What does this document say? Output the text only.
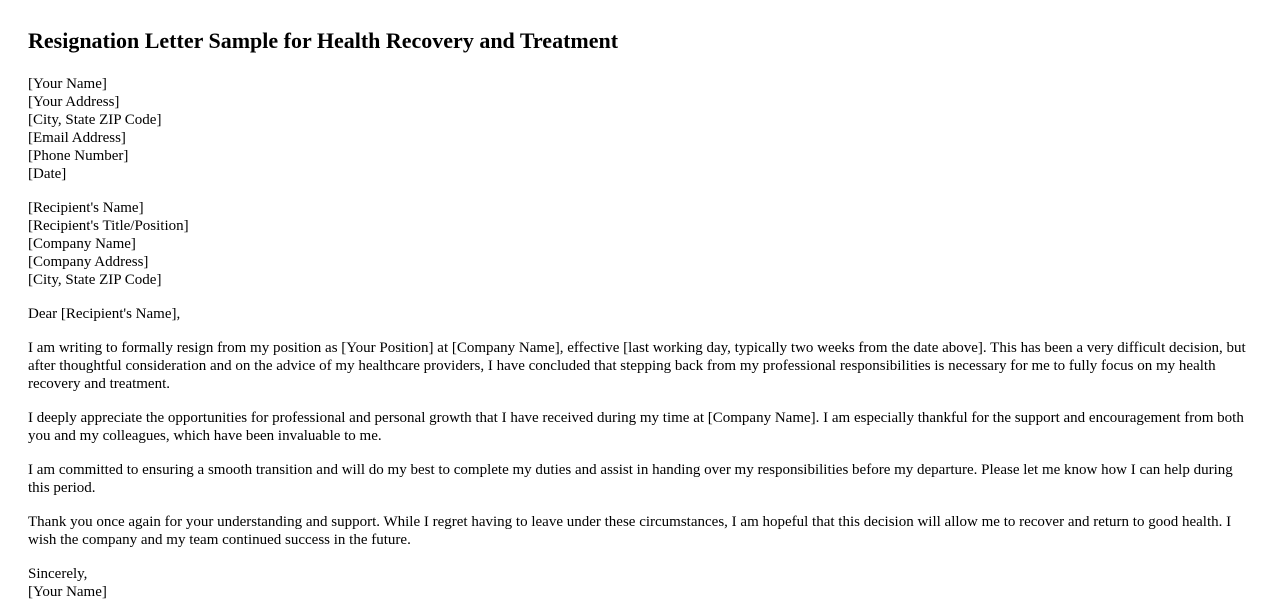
Resignation Letter Sample for Health Recovery and Treatment
[Your Name]
[Your Address]
[City, State ZIP Code]
[Email Address]
[Phone Number]
[Date]
[Recipient's Name]
[Recipient's Title/Position]
[Company Name]
[Company Address]
[City, State ZIP Code]

Dear [Recipient's Name],

I am writing to formally resign from my position as [Your Position] at [Company Name], effective [last working day, typically two weeks from the date above]. This has been a very difficult decision, but after thoughtful consideration and on the advice of my healthcare providers, I have concluded that stepping back from my professional responsibilities is necessary for me to fully focus on my health recovery and treatment.

I deeply appreciate the opportunities for professional and personal growth that I have received during my time at [Company Name]. I am especially thankful for the support and encouragement from both you and my colleagues, which have been invaluable to me.

I am committed to ensuring a smooth transition and will do my best to complete my duties and assist in handing over my responsibilities before my departure. Please let me know how I can help during this period.

Thank you once again for your understanding and support. While I regret having to leave under these circumstances, I am hopeful that this decision will allow me to recover and return to good health. I wish the company and my team continued success in the future.

Sincerely,
[Your Name]
